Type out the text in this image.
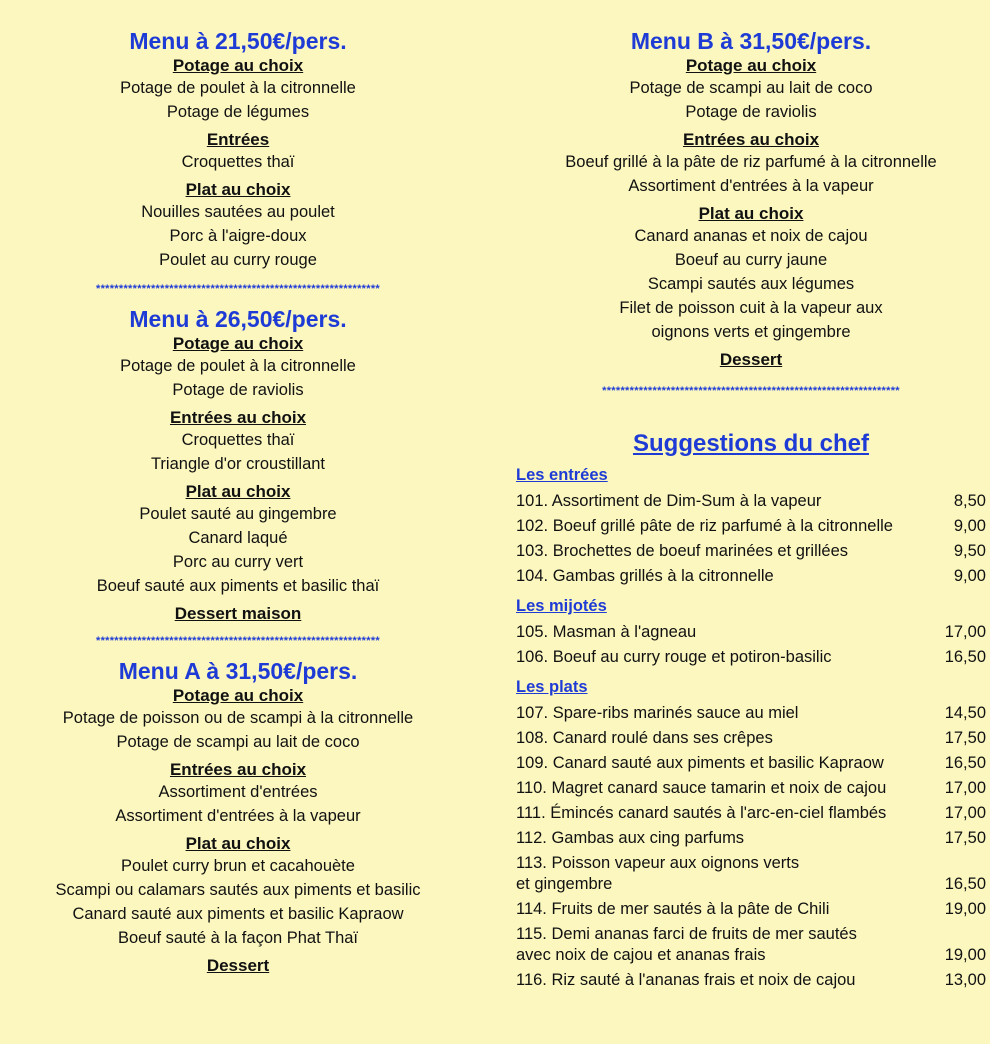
Menu à 21,50€/pers.
Potage au choix
Potage de poulet à la citronnelle
Potage de légumes
Entrées
Croquettes thaï
Plat au choix
Nouilles sautées au poulet
Porc à l'aigre-doux
Poulet au curry rouge
**************************************************************
Menu à 26,50€/pers.
Potage au choix
Potage de poulet à la citronnelle
Potage de raviolis
Entrées au choix
Croquettes thaï
Triangle d'or croustillant
Plat au choix
Poulet sauté au gingembre
Canard laqué
Porc au curry vert
Boeuf sauté aux piments et basilic thaï
Dessert maison
**************************************************************
Menu A à 31,50€/pers.
Potage au choix
Potage de poisson ou de scampi à la citronnelle
Potage de scampi au lait de coco
Entrées au choix
Assortiment d'entrées
Assortiment d'entrées à la vapeur
Plat au choix
Poulet curry brun et cacahouète
Scampi ou calamars sautés aux piments et basilic
Canard sauté aux piments et basilic Kapraow
Boeuf sauté à la façon Phat Thaï
Dessert
Menu B à 31,50€/pers.
Potage au choix
Potage de scampi au lait de coco
Potage de raviolis
Entrées au choix
Boeuf grillé à la pâte de riz parfumé à la citronnelle
Assortiment d'entrées à la vapeur
Plat au choix
Canard ananas et noix de cajou
Boeuf au curry jaune
Scampi sautés aux légumes
Filet de poisson cuit à la vapeur aux
oignons verts et gingembre
Dessert
*****************************************************************
Suggestions du chef
Les entrées
101. Assortiment de Dim-Sum à la vapeur	8,50
102. Boeuf grillé pâte de riz parfumé à la citronnelle	9,00
103. Brochettes de boeuf marinées et grillées	9,50
104. Gambas grillés à la citronnelle	9,00
Les mijotés
105. Masman à l'agneau	17,00
106. Boeuf au curry rouge et potiron-basilic	16,50
Les plats
107. Spare-ribs marinés sauce au miel	14,50
108. Canard roulé dans ses crêpes	17,50
109. Canard sauté aux piments et basilic Kapraow	16,50
110. Magret canard sauce tamarin et noix de cajou	17,00
111. Émincés canard sautés à l'arc-en-ciel flambés	17,00
112. Gambas aux cing parfums	17,50
113. Poisson vapeur aux oignons verts
et gingembre	16,50
114. Fruits de mer sautés à la pâte de Chili	19,00
115. Demi ananas farci de fruits de mer sautés
avec noix de cajou et ananas frais	19,00
116. Riz sauté à l'ananas frais et noix de cajou	13,00
